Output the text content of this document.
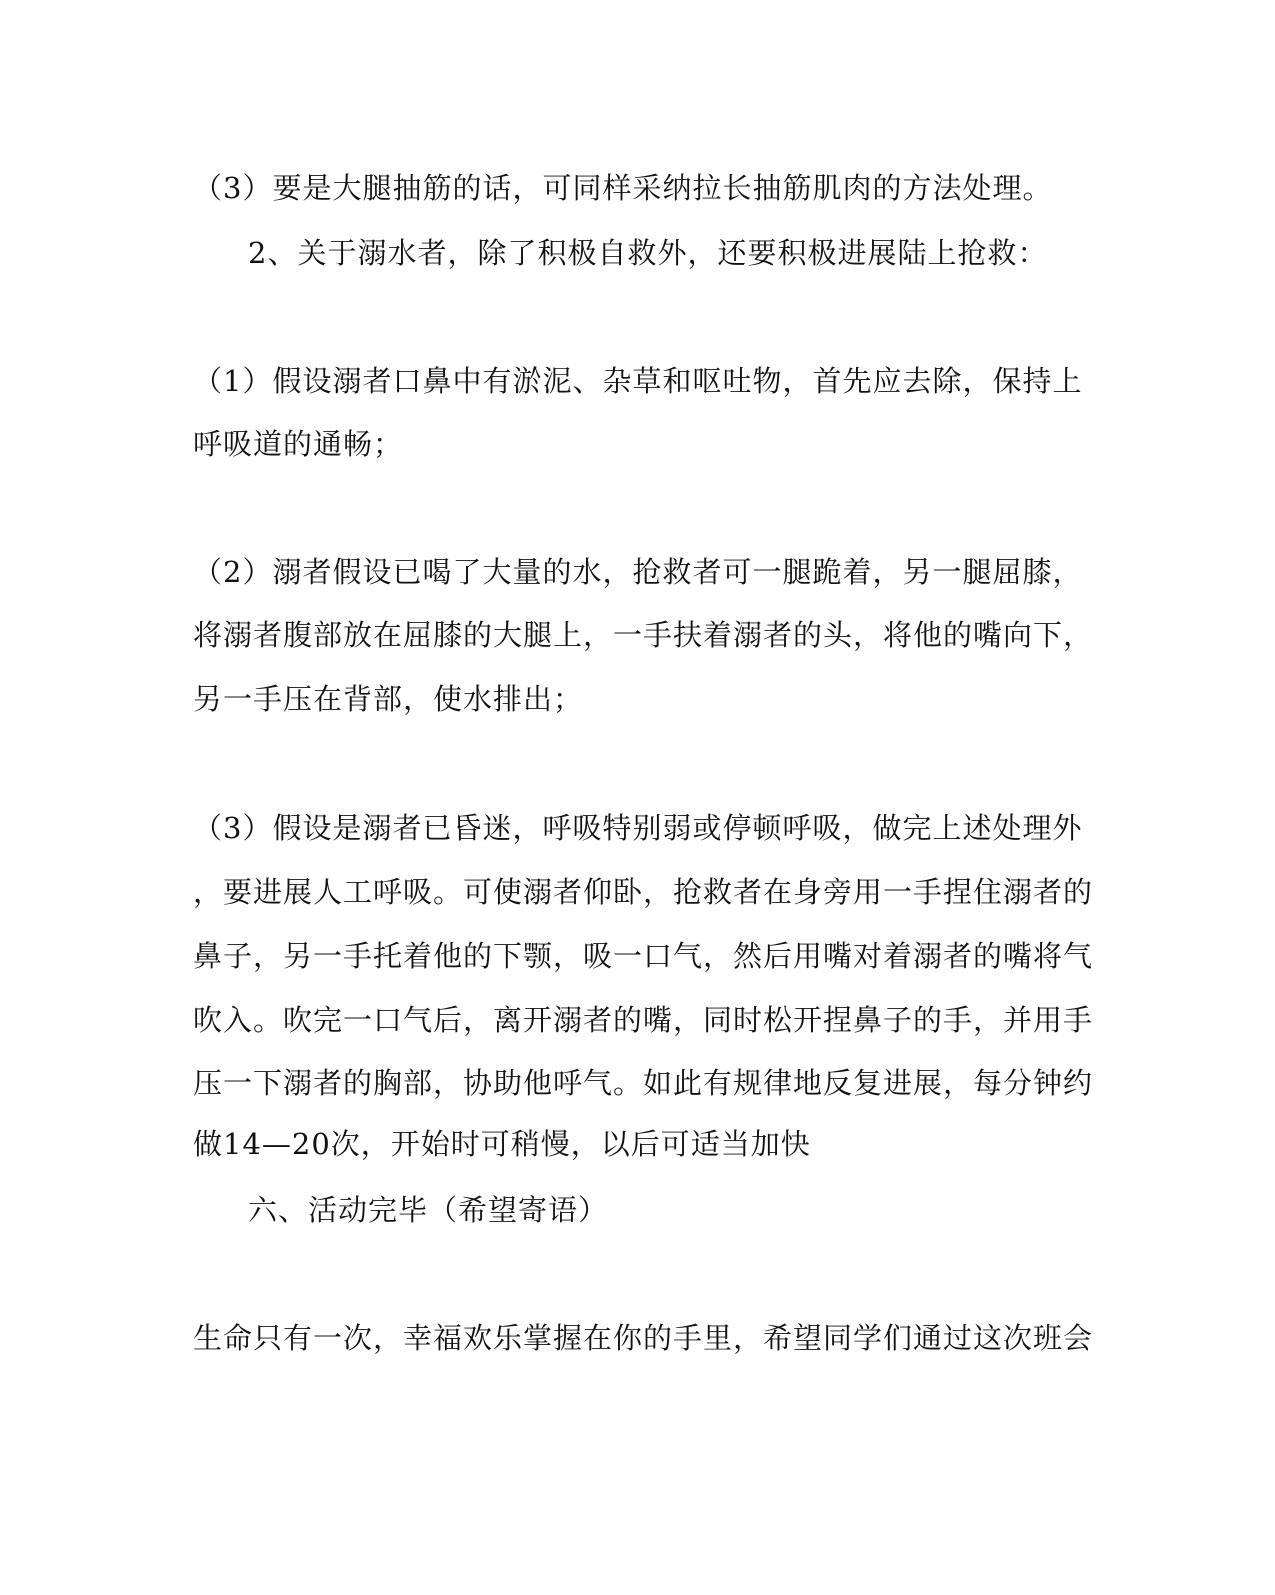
（3）要是大腿抽筋的话，可同样采纳拉长抽筋肌肉的方法处理。
2、关于溺水者，除了积极自救外，还要积极进展陆上抢救：
（1）假设溺者口鼻中有淤泥、杂草和呕吐物，首先应去除，保持上
呼吸道的通畅；
（2）溺者假设已喝了大量的水，抢救者可一腿跪着，另一腿屈膝，
将溺者腹部放在屈膝的大腿上，一手扶着溺者的头，将他的嘴向下，
另一手压在背部，使水排出；
（3）假设是溺者已昏迷，呼吸特别弱或停顿呼吸，做完上述处理外
，要进展人工呼吸。可使溺者仰卧，抢救者在身旁用一手捏住溺者的
鼻子，另一手托着他的下颚，吸一口气，然后用嘴对着溺者的嘴将气
吹入。吹完一口气后，离开溺者的嘴，同时松开捏鼻子的手，并用手
压一下溺者的胸部，协助他呼气。如此有规律地反复进展，每分钟约
做14—20次，开始时可稍慢，以后可适当加快
六、活动完毕（希望寄语）
生命只有一次，幸福欢乐掌握在你的手里，希望同学们通过这次班会
